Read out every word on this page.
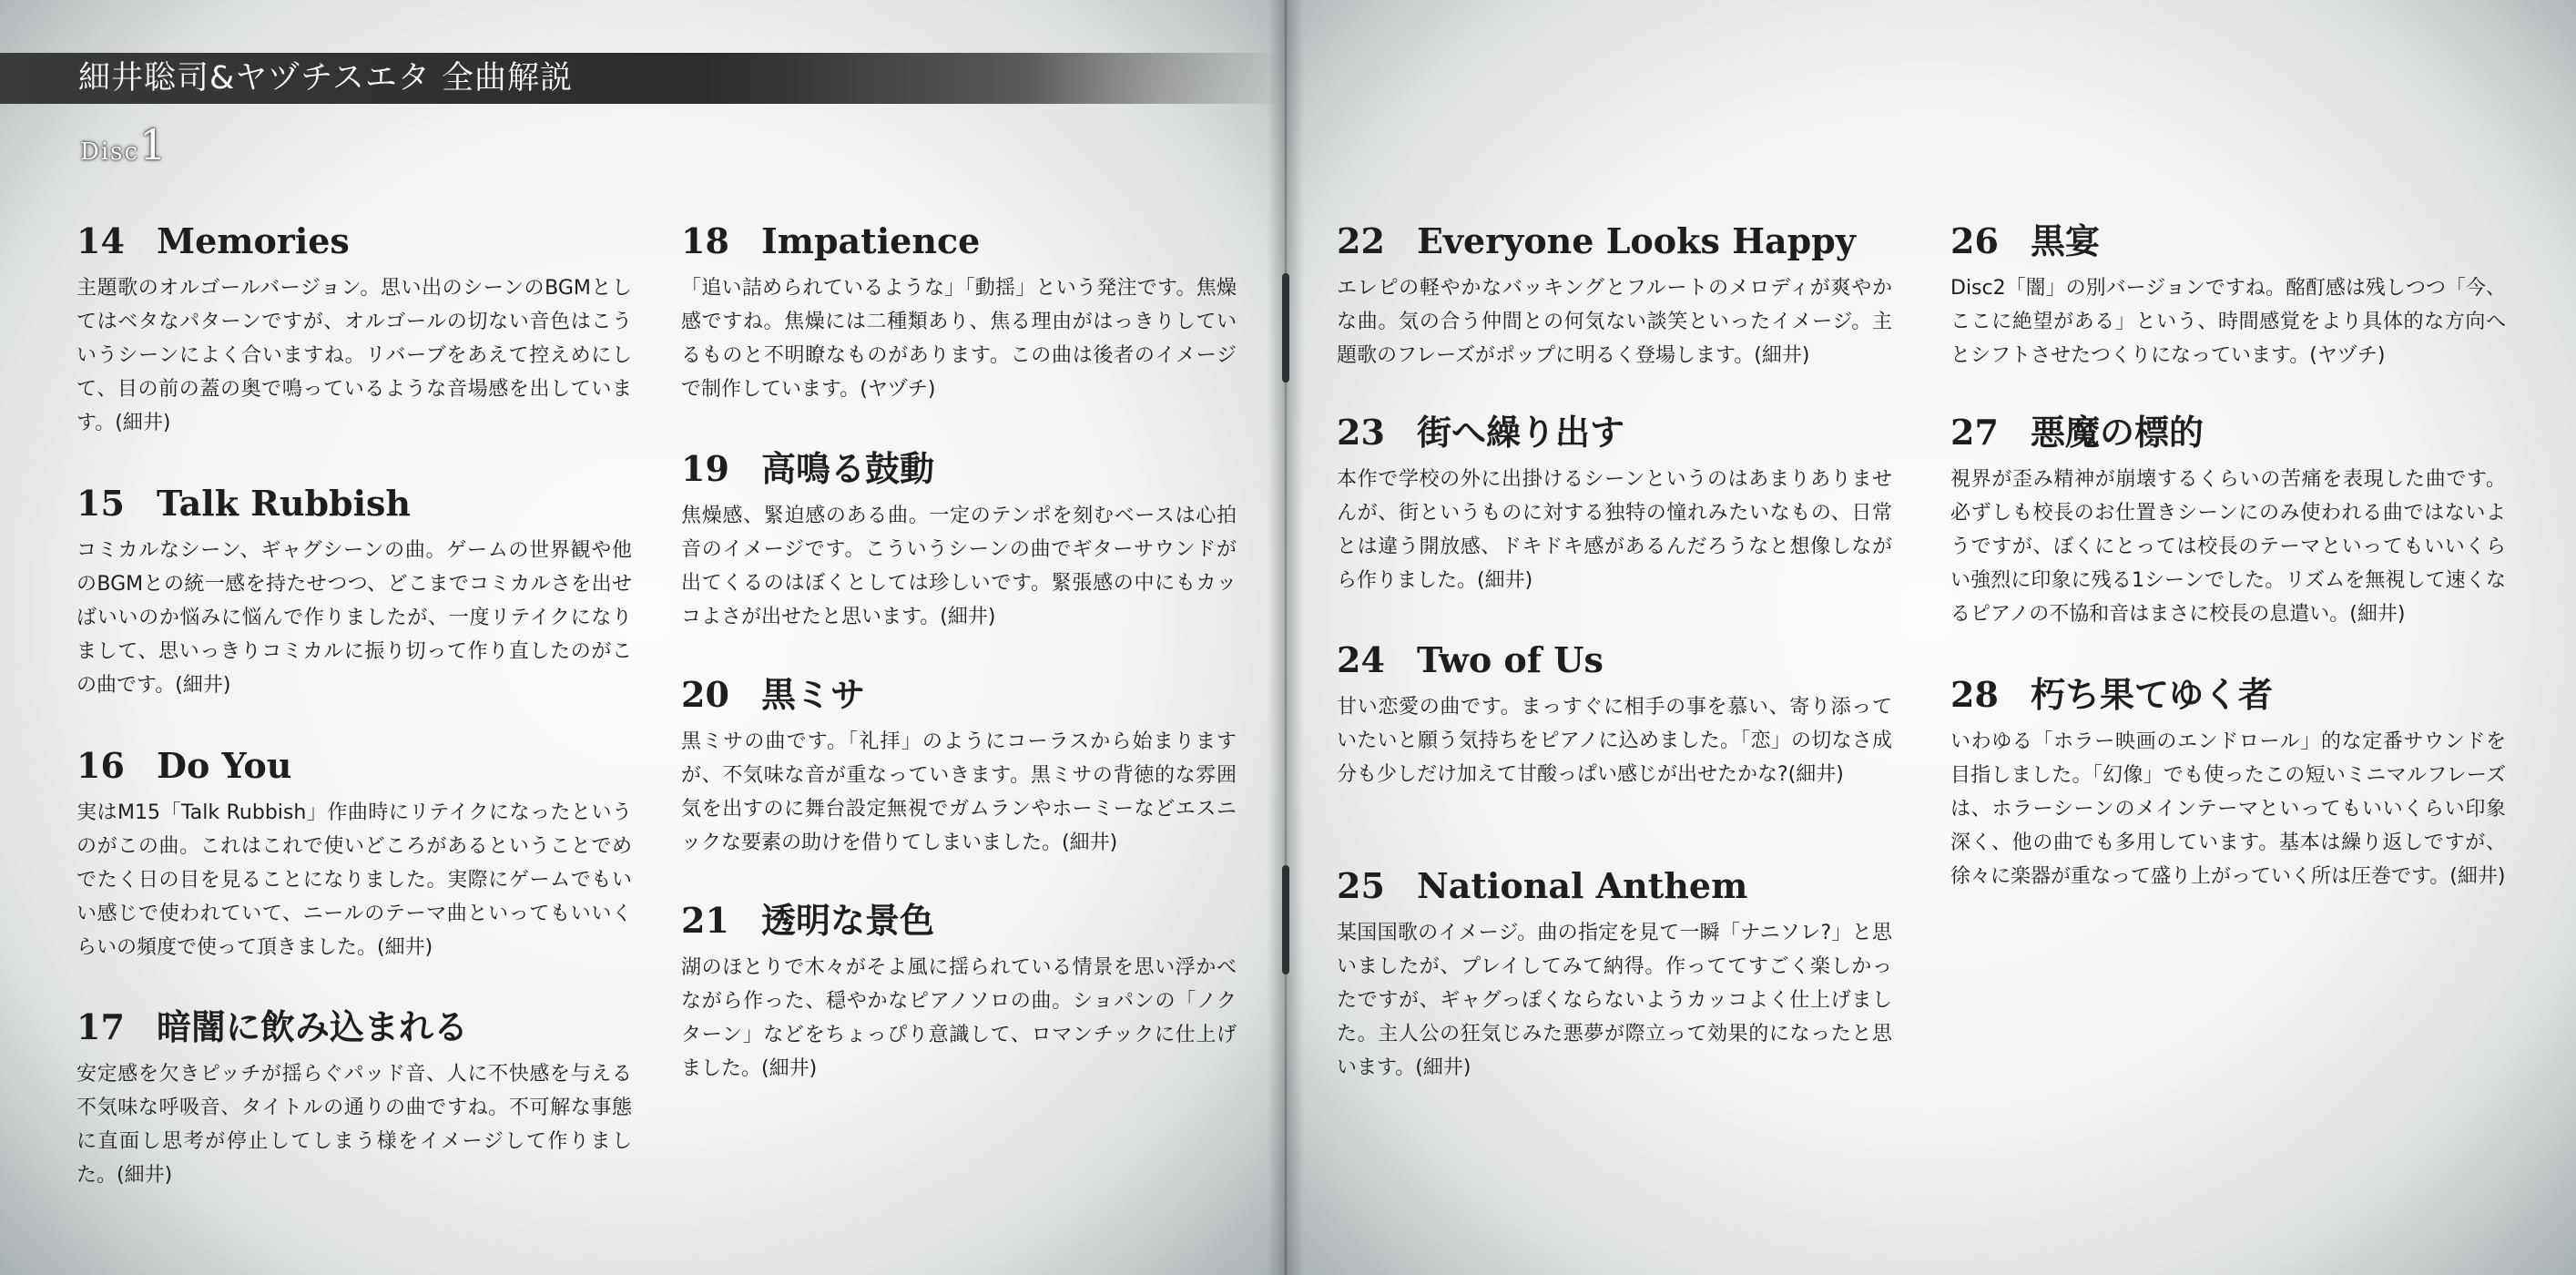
細井聡司&ヤヅチスエタ 全曲解説
Disc1
14 Memories

主題歌のオルゴールバージョン。思い出のシーンのBGMとしてはベタなパターンですが、オルゴールの切ない音色はこういうシーンによく合いますね。リバーブをあえて控えめにして、目の前の蓋の奥で鳴っているような音場感を出しています。(細井)

15 Talk Rubbish

コミカルなシーン、ギャグシーンの曲。ゲームの世界観や他のBGMとの統一感を持たせつつ、どこまでコミカルさを出せばいいのか悩みに悩んで作りましたが、一度リテイクになりまして、思いっきりコミカルに振り切って作り直したのがこの曲です。(細井)

16 Do You

実はM15「Talk Rubbish」作曲時にリテイクになったというのがこの曲。これはこれで使いどころがあるということでめでたく日の目を見ることになりました。実際にゲームでもいい感じで使われていて、ニールのテーマ曲といってもいいくらいの頻度で使って頂きました。(細井)

17 暗闇に飲み込まれる

安定感を欠きピッチが揺らぐパッド音、人に不快感を与える不気味な呼吸音、タイトルの通りの曲ですね。不可解な事態に直面し思考が停止してしまう様をイメージして作りました。(細井)

18 Impatience

「追い詰められているような」「動揺」という発注です。焦燥感ですね。焦燥には二種類あり、焦る理由がはっきりしているものと不明瞭なものがあります。この曲は後者のイメージで制作しています。(ヤヅチ)

19 高鳴る鼓動

焦燥感、緊迫感のある曲。一定のテンポを刻むベースは心拍音のイメージです。こういうシーンの曲でギターサウンドが出てくるのはぼくとしては珍しいです。緊張感の中にもカッコよさが出せたと思います。(細井)

20 黒ミサ

黒ミサの曲です。「礼拝」のようにコーラスから始まりますが、不気味な音が重なっていきます。黒ミサの背徳的な雰囲気を出すのに舞台設定無視でガムランやホーミーなどエスニックな要素の助けを借りてしまいました。(細井)

21 透明な景色

湖のほとりで木々がそよ風に揺られている情景を思い浮かべながら作った、穏やかなピアノソロの曲。ショパンの「ノクターン」などをちょっぴり意識して、ロマンチックに仕上げました。(細井)

22 Everyone Looks Happy

エレピの軽やかなバッキングとフルートのメロディが爽やかな曲。気の合う仲間との何気ない談笑といったイメージ。主題歌のフレーズがポップに明るく登場します。(細井)

23 街へ繰り出す

本作で学校の外に出掛けるシーンというのはあまりありませんが、街というものに対する独特の憧れみたいなもの、日常とは違う開放感、ドキドキ感があるんだろうなと想像しながら作りました。(細井)

24 Two of Us

甘い恋愛の曲です。まっすぐに相手の事を慕い、寄り添っていたいと願う気持ちをピアノに込めました。「恋」の切なさ成分も少しだけ加えて甘酸っぱい感じが出せたかな?(細井)

25 National Anthem

某国国歌のイメージ。曲の指定を見て一瞬「ナニソレ?」と思いましたが、プレイしてみて納得。作っててすごく楽しかったですが、ギャグっぽくならないようカッコよく仕上げました。主人公の狂気じみた悪夢が際立って効果的になったと思います。(細井)

26 黒宴

Disc2「闇」の別バージョンですね。酩酊感は残しつつ「今、ここに絶望がある」という、時間感覚をより具体的な方向へとシフトさせたつくりになっています。(ヤヅチ)

27 悪魔の標的

視界が歪み精神が崩壊するくらいの苦痛を表現した曲です。必ずしも校長のお仕置きシーンにのみ使われる曲ではないようですが、ぼくにとっては校長のテーマといってもいいくらい強烈に印象に残る1シーンでした。リズムを無視して速くなるピアノの不協和音はまさに校長の息遣い。(細井)

28 朽ち果てゆく者

いわゆる「ホラー映画のエンドロール」的な定番サウンドを目指しました。「幻像」でも使ったこの短いミニマルフレーズは、ホラーシーンのメインテーマといってもいいくらい印象深く、他の曲でも多用しています。基本は繰り返しですが、徐々に楽器が重なって盛り上がっていく所は圧巻です。(細井)
